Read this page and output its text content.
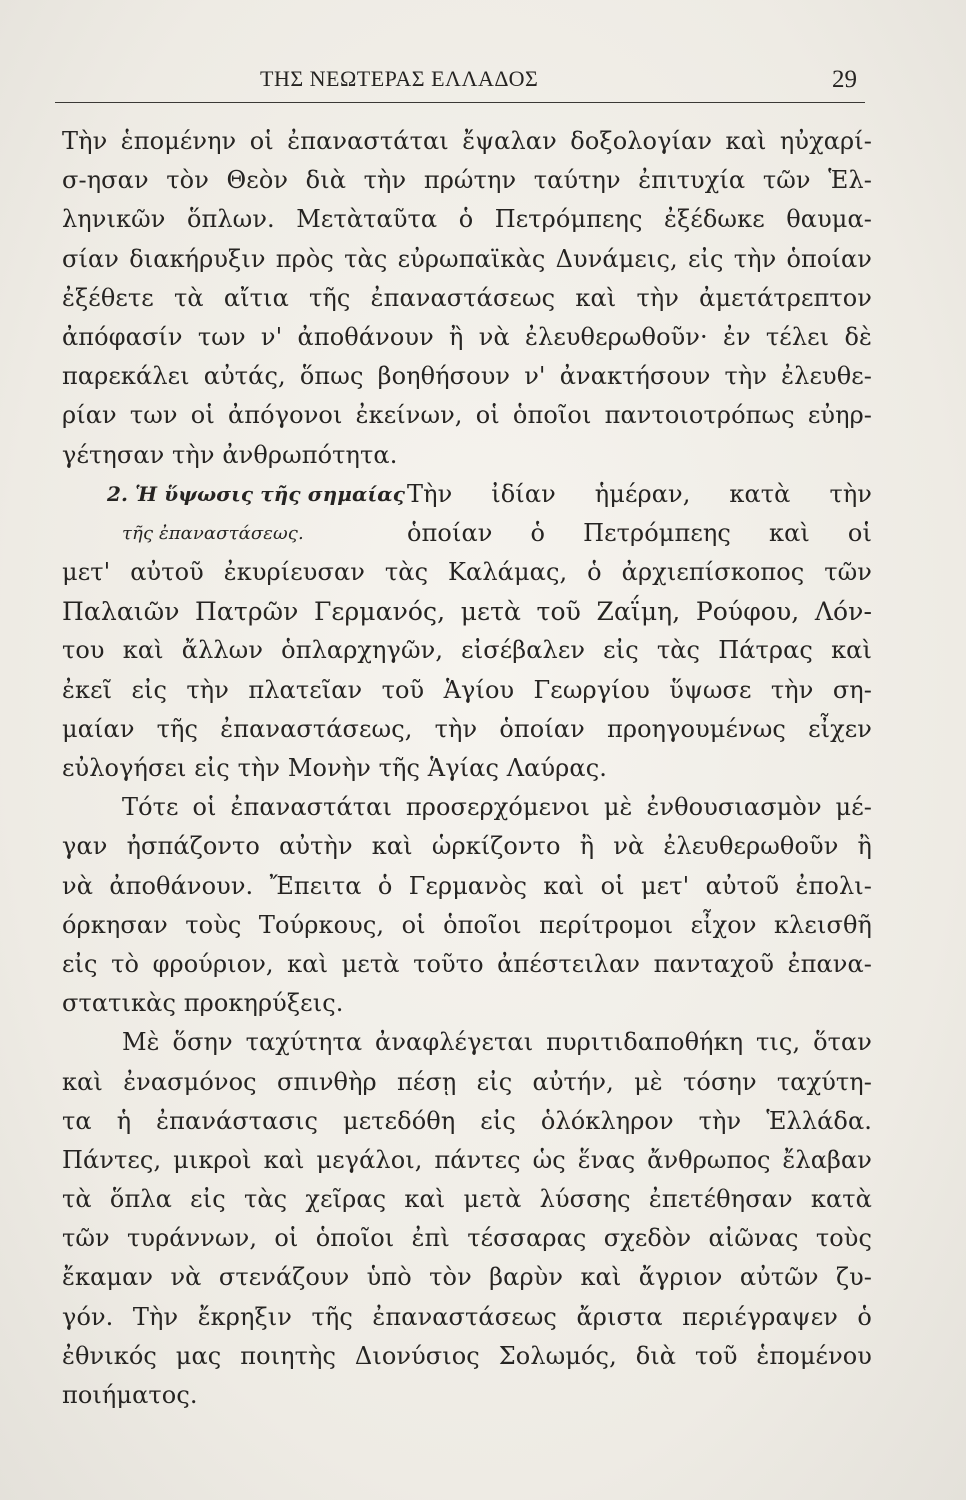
ΤΗΣ ΝΕΩΤΕΡΑΣ ΕΛΛΑΔΟΣ	29
Τὴν ἑπομένην οἱ ἐπαναστάται ἔψαλαν δοξολογίαν καὶ ηὐχαρί-
σ-ησαν τὸν Θεὸν διὰ τὴν πρώτην ταύτην ἐπιτυχία τῶν Ἑλ-
ληνικῶν ὅπλων. Μετὰταῦτα ὁ Πετρόμπεης ἐξέδωκε θαυμα-
σίαν διακήρυξιν πρὸς τὰς εὐρωπαϊκὰς Δυνάμεις, εἰς τὴν ὁποίαν
ἐξέθετε τὰ αἴτια τῆς ἐπαναστάσεως καὶ τὴν ἀμετάτρεπτον
ἀπόφασίν των ν' ἀποθάνουν ἢ νὰ ἐλευθερωθοῦν· ἐν τέλει δὲ
παρεκάλει αὐτάς, ὅπως βοηθήσουν ν' ἀνακτήσουν τὴν ἐλευθε-
ρίαν των οἱ ἀπόγονοι ἐκείνων, οἱ ὁποῖοι παντοιοτρόπως εὐηρ-
γέτησαν τὴν ἀνθρωπότητα.
2. Ἡ ὕψωσις τῆς σημαίας Τὴν ἰδίαν ἡμέραν, κατὰ τὴν
τῆς ἐπαναστάσεως.	ὁποίαν ὁ Πετρόμπεης καὶ οἱ
μετ' αὐτοῦ ἐκυρίευσαν τὰς Καλάμας, ὁ ἀρχιεπίσκοπος τῶν
Παλαιῶν Πατρῶν Γερμανός, μετὰ τοῦ Ζαΐμη, Ρούφου, Λόν-
του καὶ ἄλλων ὁπλαρχηγῶν, εἰσέβαλεν εἰς τὰς Πάτρας καὶ
ἐκεῖ εἰς τὴν πλατεῖαν τοῦ Ἁγίου Γεωργίου ὕψωσε τὴν ση-
μαίαν τῆς ἐπαναστάσεως, τὴν ὁποίαν προηγουμένως εἶχεν
εὐλογήσει εἰς τὴν Μονὴν τῆς Ἁγίας Λαύρας.
Τότε οἱ ἐπαναστάται προσερχόμενοι μὲ ἐνθουσιασμὸν μέ-
γαν ἠσπάζοντο αὐτὴν καὶ ὡρκίζοντο ἢ νὰ ἐλευθερωθοῦν ἢ
νὰ ἀποθάνουν. Ἔπειτα ὁ Γερμανὸς καὶ οἱ μετ' αὐτοῦ ἐπολι-
όρκησαν τοὺς Τούρκους, οἱ ὁποῖοι περίτρομοι εἶχον κλεισθῆ
εἰς τὸ φρούριον, καὶ μετὰ τοῦτο ἀπέστειλαν πανταχοῦ ἐπανα-
στατικὰς προκηρύξεις.
Μὲ ὅσην ταχύτητα ἀναφλέγεται πυριτιδαποθήκη τις, ὅταν
καὶ ἐνασμόνος σπινθὴρ πέσῃ εἰς αὐτήν, μὲ τόσην ταχύτη-
τα ἡ ἐπανάστασις μετεδόθη εἰς ὁλόκληρον τὴν Ἑλλάδα.
Πάντες, μικροὶ καὶ μεγάλοι, πάντες ὡς ἕνας ἄνθρωπος ἔλαβαν
τὰ ὅπλα εἰς τὰς χεῖρας καὶ μετὰ λύσσης ἐπετέθησαν κατὰ
τῶν τυράννων, οἱ ὁποῖοι ἐπὶ τέσσαρας σχεδὸν αἰῶνας τοὺς
ἔκαμαν νὰ στενάζουν ὑπὸ τὸν βαρὺν καὶ ἄγριον αὐτῶν ζυ-
γόν. Τὴν ἔκρηξιν τῆς ἐπαναστάσεως ἄριστα περιέγραψεν ὁ
ἐθνικός μας ποιητὴς Διονύσιος Σολωμός, διὰ τοῦ ἑπομένου
ποιήματος.
